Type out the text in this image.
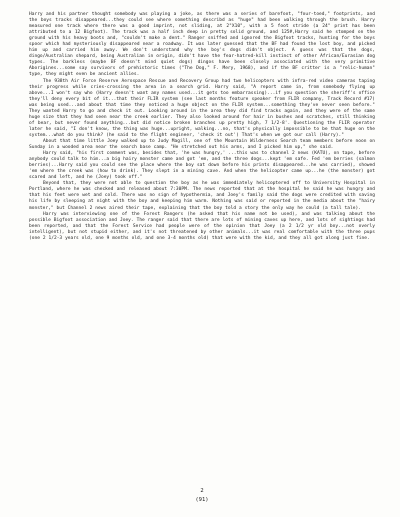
Harry and his partner thought somebody was playing a joke, as there was a series of barefoot, "four-toed," footprints, and the boys tracks disappeared...they could see where something describd as "huge" had been walking through the brush. Harry measured one track where there was a good imprint, not sliding, at 2"X10", with a 5 foot stride (a 24" print has been attributed to a 12 Bigfoot). The track was a half inch deep in pretty solid ground, and 125#,Harry said he stomped on the ground with his heavy boots and, "couldn't make a dent." Ranger sniffed and ignored the Bigfoot tracks, hunting for the boys spoor which had mysteriously disappeared near a roadway. It was later guessed that the BF had found the lost boy, and picked him up and carried him away. We don't understand why the boy's dogs didn't object. A guess was that the dogs, dingo/Australian shepard, being Australian in origin, didn't have the fear-hatred-kill instinct of other African/Eurasian dog types. The barkless (maybe BF doesn't mind quiet dogs) dingos have been closely associated with the very primitive Aborigines...some say survivors of prehistoric times ("The Dog," F. Mery, 1968), and if the BF critter is a "relic-human" type, they might even be ancient allies.

The 938th Air Force Reserve Aerospace Rescue and Recovery Group had two helicopters with infra-red video cameras taping their progress while cries-crossing the area in a search grid. Harry said, "A report came in, from somebody flying up above...I won't say who (Harry doesn't want any names used...it gets too embarrassing)...if you question the sheriff's office they'll deny every bit of it...that their FLIR system (see last months feature speaker from FLIR company, Track Record #17) was being used...and about that time they noticed a huge object on the FLIR system...something they've never seen before." They wanted Harry to go and check it out. Looking around in the area they did find tracks again, and they were of the same huge size that they had seen near the creek earlier. They also looked around for hair in bushes and scratches, still thinking of bear, but never found anything...but did notice broken branches up pretty high, 7 1/2-8'. Questioning the FLIR operator later he said, "I don't know, the thing was huge...upright, walking...no, that's physically impossible to be that huge on the system...what do you think? (he said to the flight engineer, 'check it out') That's when we got our call (Harry)."

About that time little Joey walked up to Judy Magill, one of the Mountain Wilderness Search team members before noon on Sunday in a wooded area near the search base camp. "He stretched out his arms, and I picked him up," she said.

Harry said, "his first comment was, besides that, 'he was hungry,' ...this was to channel 2 news (KATU), on tape, before anybody could talk to him...a big hairy monster came and got 'em, and the three dogs...kept 'em safe. Fed 'em berries (salmon berries)...Harry said you could see the place where the boy sat down before his prints disappeared...he was carried), showed 'em where the creek was (how to drink). They slept in a mining cave. And when the helicopter came up...he (the monster) got scared and left, and he (Joey) took off."

Beyond that, they were not able to question the boy as he was immediately helicoptered off to University Hospital in Portland, where he was checked and released about 7:30PM. The news reported that at the hospital he said he was hungry and that his feet were wet and cold. There was no sign of hypothermia, and Joey's family said the dogs were credited with saving his life by sleeping at night with the boy and keeping him warm. Nothing was said or reported in the media about the "hairy monster," but Channel 2 news aired their tape, explaining that the boy told a story the only way he could (a tall tale).

Harry was interviewing one of the Forest Rangers (he asked that his name not be used), and was talking about the possible Bigfoot association and Joey. The ranger said that there are lots of mining caves up here, and lots of sightings had been reported, and that the Forest Service had people were of the opinion that Joey (a 2 1/2 yr old boy...not overly intelligent), but not stupid either, and it's not threatened by other animals...it was real comfortable with the three pups (one 2 1/2-3 years old, one 9 months old, and one 3-4 months old) that were with the kid, and they all got along just fine.

2
(91)
